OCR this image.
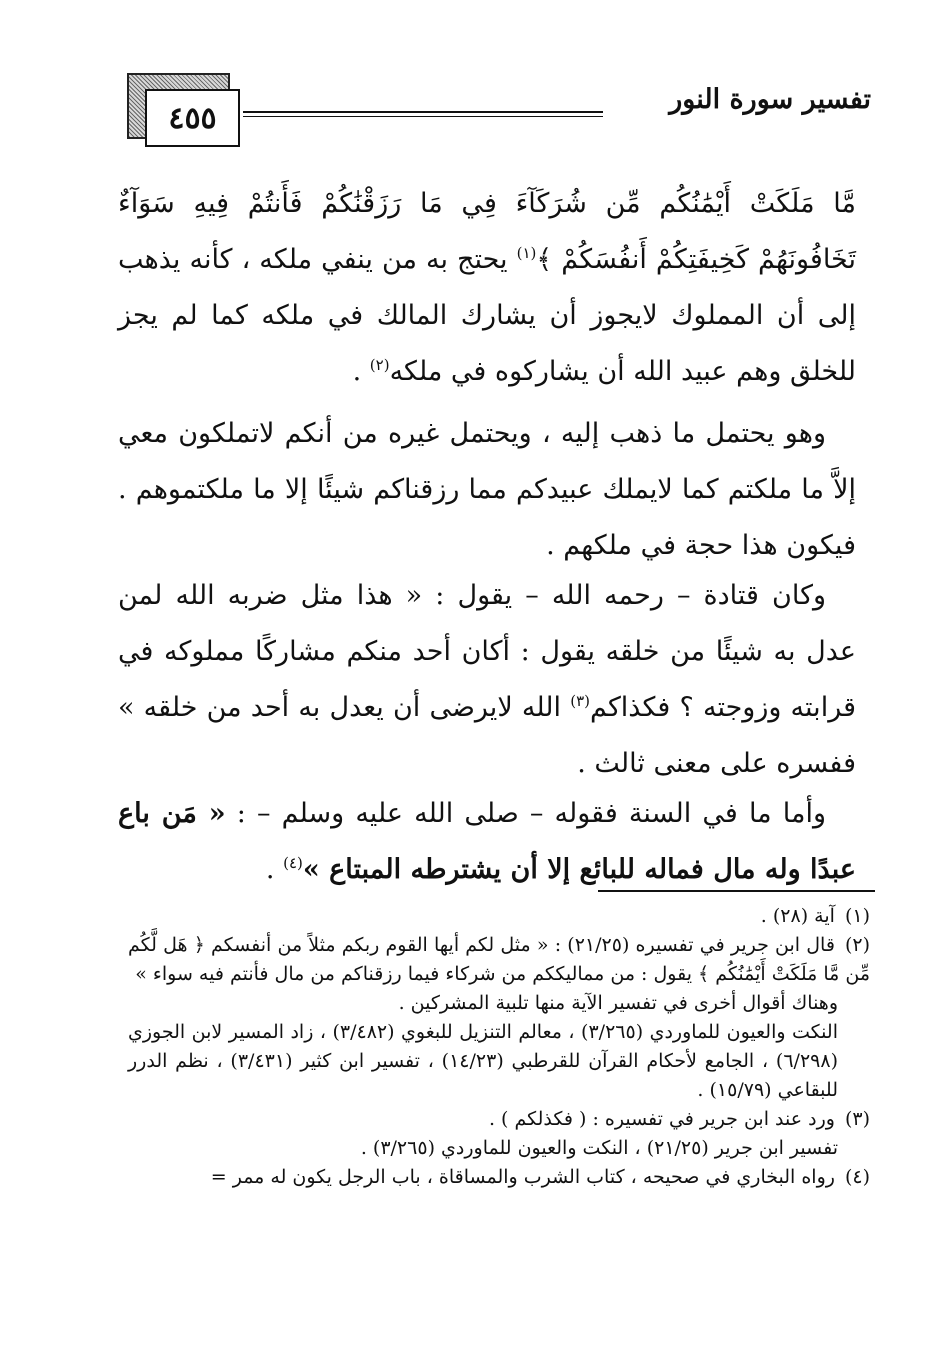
٤٥٥
تفسير سورة النور
مَّا مَلَكَتْ أَيْمَٰنُكُم مِّن شُرَكَآءَ فِي مَا رَزَقْنَٰكُمْ فَأَنتُمْ فِيهِ سَوَآءٌ تَخَافُونَهُمْ كَخِيفَتِكُمْ أَنفُسَكُمْ ﴾$^{(١)}$ يحتج به من ينفي ملكه ، كأنه يذهب إلى أن المملوك لايجوز أن يشارك المالك في ملكه كما لم يجز للخلق وهم عبيد الله أن يشاركوه في ملكه$^{(٢)}$ .
وهو يحتمل ما ذهب إليه ، ويحتمل غيره من أنكم لاتملكون معي إلاَّ ما ملكتم كما لايملك عبيدكم مما رزقناكم شيئًا إلا ما ملكتموهم . فيكون هذا حجة في ملكهم .
وكان قتادة – رحمه الله – يقول : « هذا مثل ضربه الله لمن عدل به شيئًا من خلقه يقول : أكان أحد منكم مشاركًا مملوكه في قرابته وزوجته ؟ فكذاكم$^{(٣)}$ الله لايرضى أن يعدل به أحد من خلقه » ففسره على معنى ثالث .
وأما ما في السنة فقوله – صلى الله عليه وسلم – : « مَن باع عبدًا وله مال فماله للبائع إلا أن يشترطه المبتاع »$^{(٤)}$ .
(١)آية (٢٨) .
(٢)قال ابن جرير في تفسيره (٢١/٢٥) : « مثل لكم أيها القوم ربكم مثلاً من أنفسكم ﴿ هَل لَّكُم مِّن مَّا مَلَكَتْ أَيْمَٰنُكُم ﴾ يقول : من مماليككم من شركاء فيما رزقناكم من مال فأنتم فيه سواء »
وهناك أقوال أخرى في تفسير الآية منها تلبية المشركين .
النكت والعيون للماوردي (٣/٢٦٥) ، معالم التنزيل للبغوي (٣/٤٨٢) ، زاد المسير لابن الجوزي (٦/٢٩٨) ، الجامع لأحكام القرآن للقرطبي (١٤/٢٣) ، تفسير ابن كثير (٣/٤٣١) ، نظم الدرر للبقاعي (١٥/٧٩) .
(٣)ورد عند ابن جرير في تفسيره : ( فكذلكم ) .
تفسير ابن جرير (٢١/٢٥) ، النكت والعيون للماوردي (٣/٢٦٥) .
(٤)رواه البخاري في صحيحه ، كتاب الشرب والمساقاة ، باب الرجل يكون له ممر =
